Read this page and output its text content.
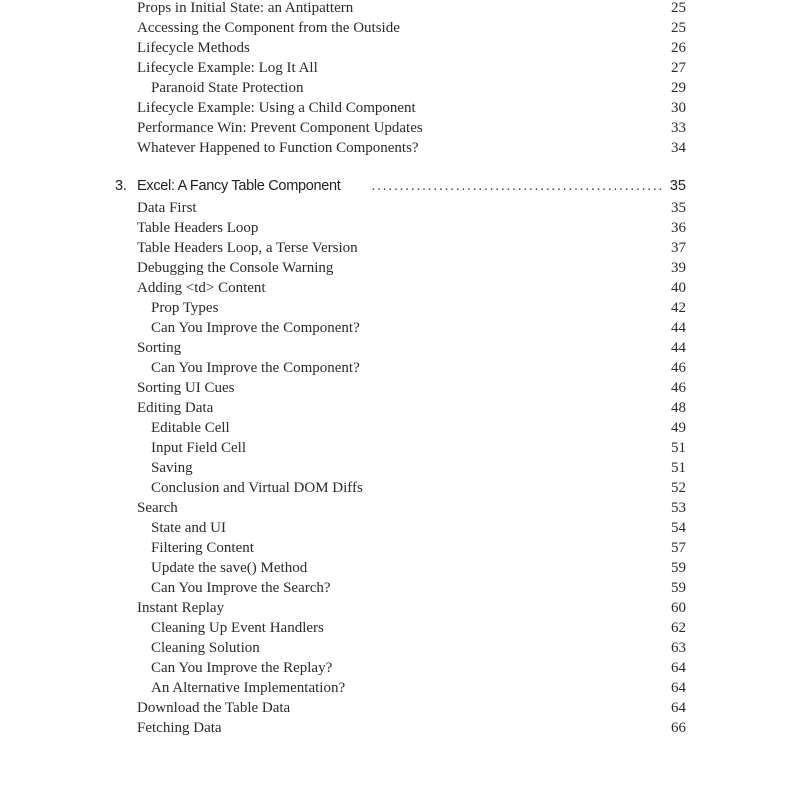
Props in Initial State: an Antipattern	25
Accessing the Component from the Outside	25
Lifecycle Methods	26
Lifecycle Example: Log It All	27
Paranoid State Protection	29
Lifecycle Example: Using a Child Component	30
Performance Win: Prevent Component Updates	33
Whatever Happened to Function Components?	34
3. Excel: A Fancy Table Component	.................................................... 35
Data First	35
Table Headers Loop	36
Table Headers Loop, a Terse Version	37
Debugging the Console Warning	39
Adding <td> Content	40
Prop Types	42
Can You Improve the Component?	44
Sorting	44
Can You Improve the Component?	46
Sorting UI Cues	46
Editing Data	48
Editable Cell	49
Input Field Cell	51
Saving	51
Conclusion and Virtual DOM Diffs	52
Search	53
State and UI	54
Filtering Content	57
Update the save() Method	59
Can You Improve the Search?	59
Instant Replay	60
Cleaning Up Event Handlers	62
Cleaning Solution	63
Can You Improve the Replay?	64
An Alternative Implementation?	64
Download the Table Data	64
Fetching Data	66
